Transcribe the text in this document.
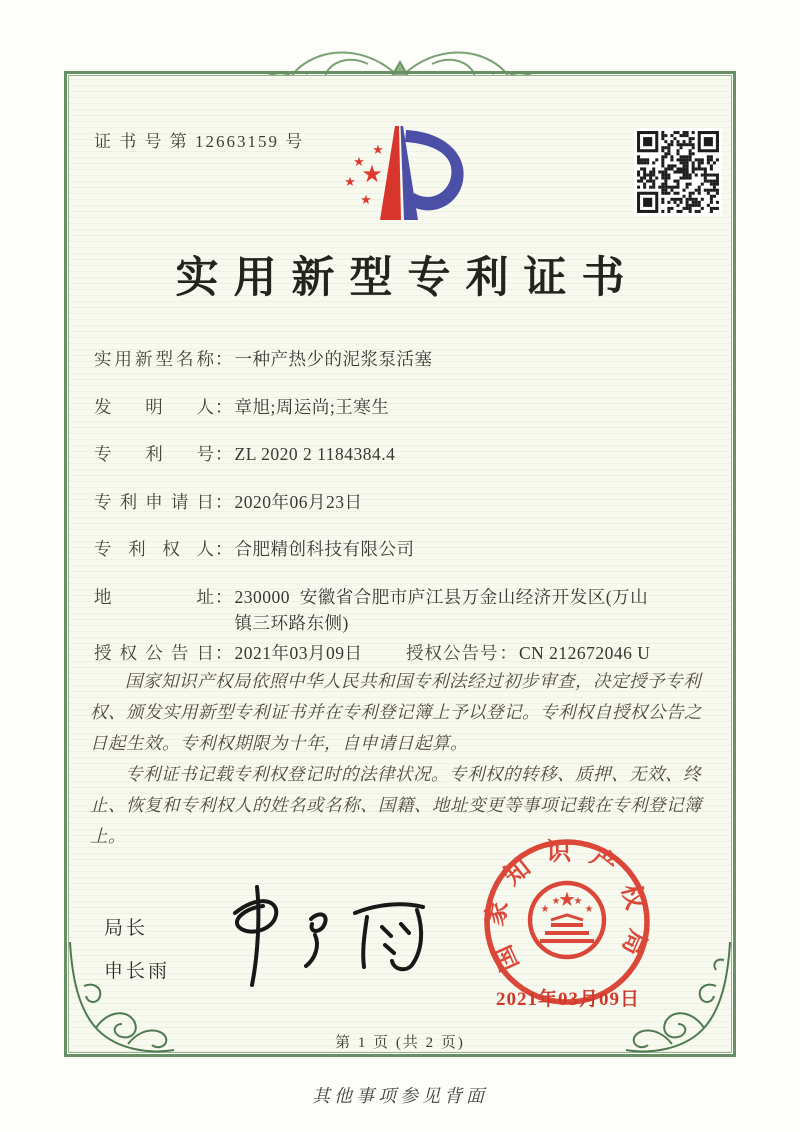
证 书 号 第 12663159 号
★
★
★
★
★
实用新型专利证书
实用新型名称 ： 一种产热少的泥浆泵活塞
发明人 ： 章旭;周运尚;王寒生
专利号 ： ZL 2020 2 1184384.4
专利申请日 ： 2020年06月23日
专利权人 ： 合肥精创科技有限公司
地址 ： 230000  安徽省合肥市庐江县万金山经济开发区(万山镇三环路东侧)
授权公告日 ： 2021年03月09日 授权公告号 ： CN 212672046 U

国家知识产权局依照中华人民共和国专利法经过初步审查，决定授予专利权、颁发实用新型专利证书并在专利登记簿上予以登记。专利权自授权公告之日起生效。专利权期限为十年，自申请日起算。

专利证书记载专利权登记时的法律状况。专利权的转移、质押、无效、终止、恢复和专利权人的姓名或名称、国籍、地址变更等事项记载在专利登记簿上。

局长
申长雨	国家知识产权局
★
★
★ ★
★
2021年03月09日
第 1 页 (共 2 页)
其他事项参见背面
